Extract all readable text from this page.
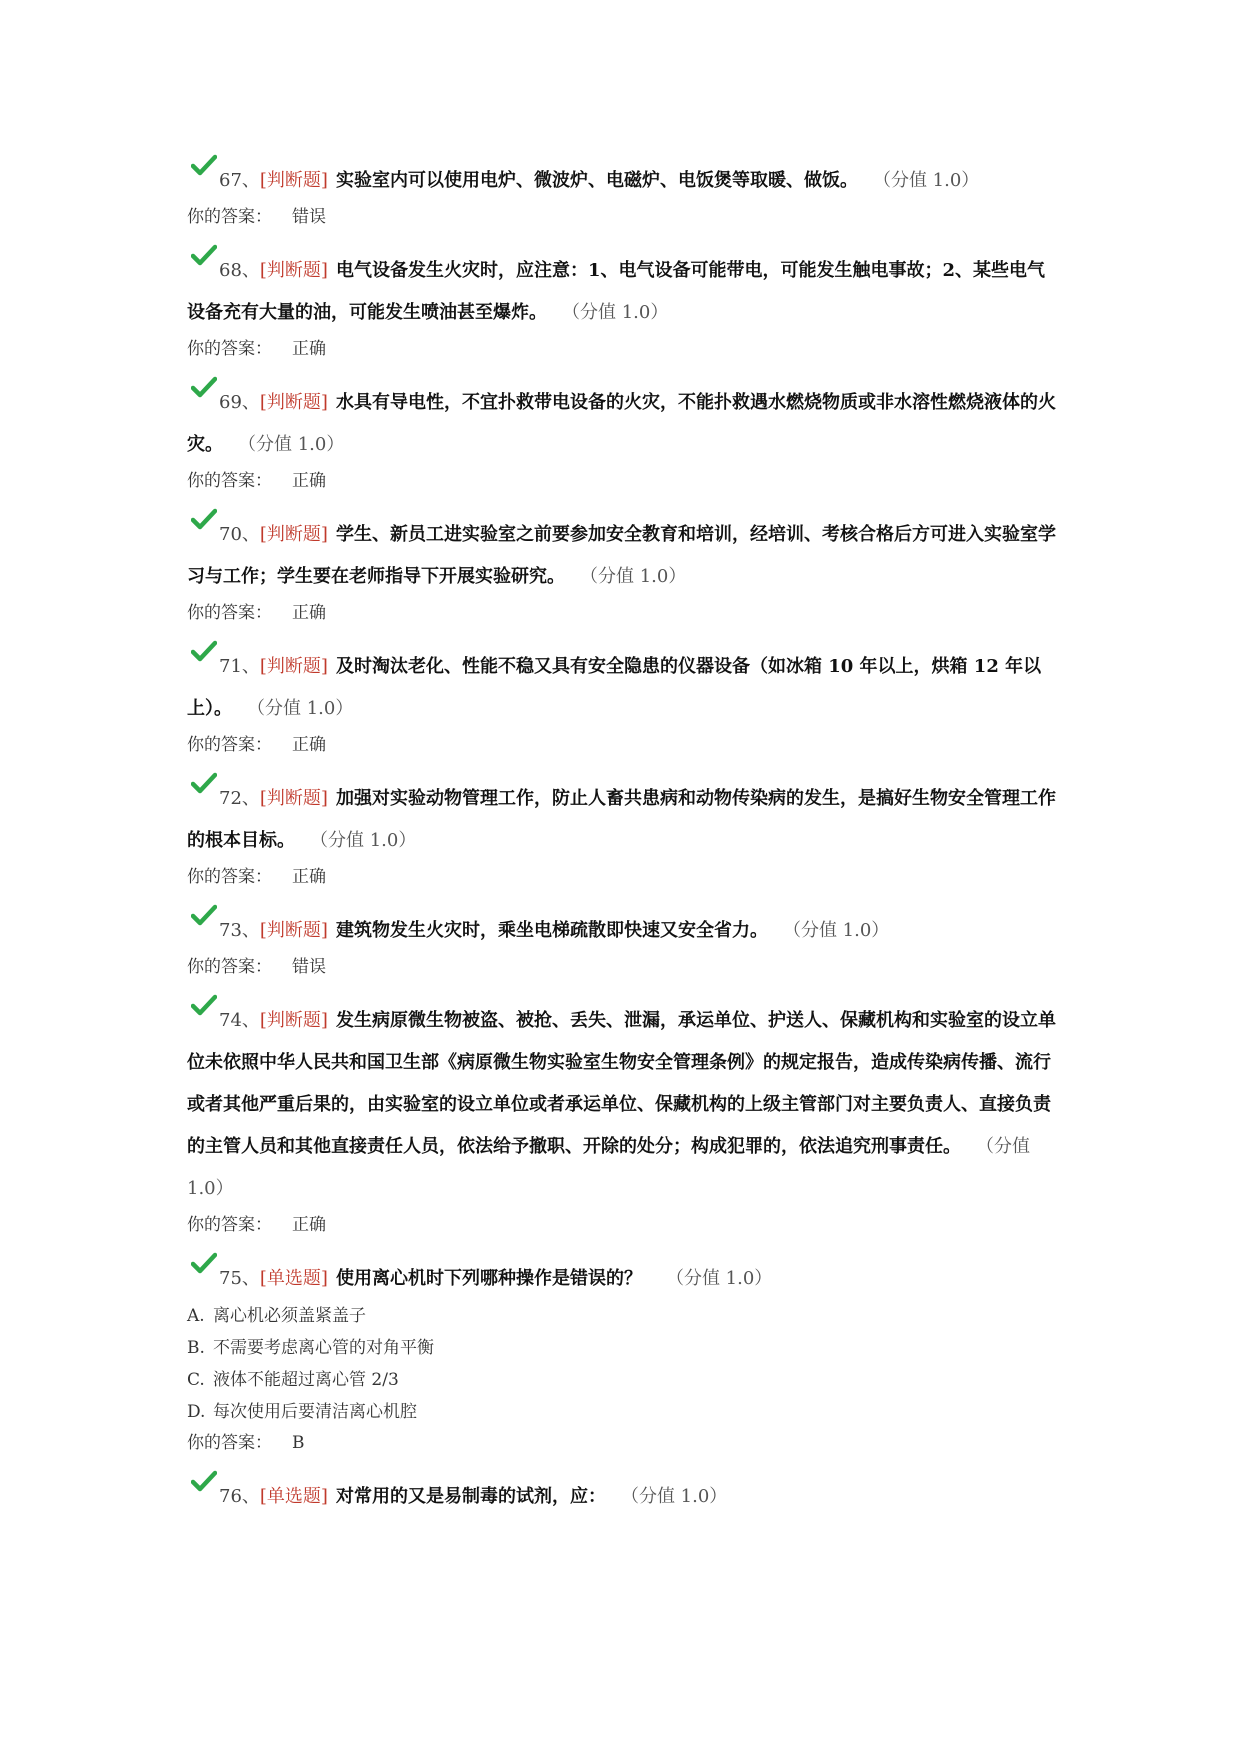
67、[判断题] 实验室内可以使用电炉、微波炉、电磁炉、电饭煲等取暖、做饭。 （分值 1.0）
你的答案： 错误
68、[判断题] 电气设备发生火灾时，应注意：1、电气设备可能带电，可能发生触电事故；2、某些电气设备充有大量的油，可能发生喷油甚至爆炸。 （分值 1.0）
你的答案： 正确
69、[判断题] 水具有导电性，不宜扑救带电设备的火灾，不能扑救遇水燃烧物质或非水溶性燃烧液体的火灾。 （分值 1.0）
你的答案： 正确
70、[判断题] 学生、新员工进实验室之前要参加安全教育和培训，经培训、考核合格后方可进入实验室学习与工作；学生要在老师指导下开展实验研究。 （分值 1.0）
你的答案： 正确
71、[判断题] 及时淘汰老化、性能不稳又具有安全隐患的仪器设备（如冰箱 10 年以上，烘箱 12 年以上）。 （分值 1.0）
你的答案： 正确
72、[判断题] 加强对实验动物管理工作，防止人畜共患病和动物传染病的发生，是搞好生物安全管理工作的根本目标。 （分值 1.0）
你的答案： 正确
73、[判断题] 建筑物发生火灾时，乘坐电梯疏散即快速又安全省力。 （分值 1.0）
你的答案： 错误
74、[判断题] 发生病原微生物被盗、被抢、丢失、泄漏，承运单位、护送人、保藏机构和实验室的设立单位未依照中华人民共和国卫生部《病原微生物实验室生物安全管理条例》的规定报告，造成传染病传播、流行或者其他严重后果的，由实验室的设立单位或者承运单位、保藏机构的上级主管部门对主要负责人、直接负责的主管人员和其他直接责任人员，依法给予撤职、开除的处分；构成犯罪的，依法追究刑事责任。 （分值 1.0）
你的答案： 正确
75、[单选题] 使用离心机时下列哪种操作是错误的？ （分值 1.0）
A. 离心机必须盖紧盖子
B. 不需要考虑离心管的对角平衡
C. 液体不能超过离心管 2/3
D. 每次使用后要清洁离心机腔
你的答案： B
76、[单选题] 对常用的又是易制毒的试剂，应： （分值 1.0）
